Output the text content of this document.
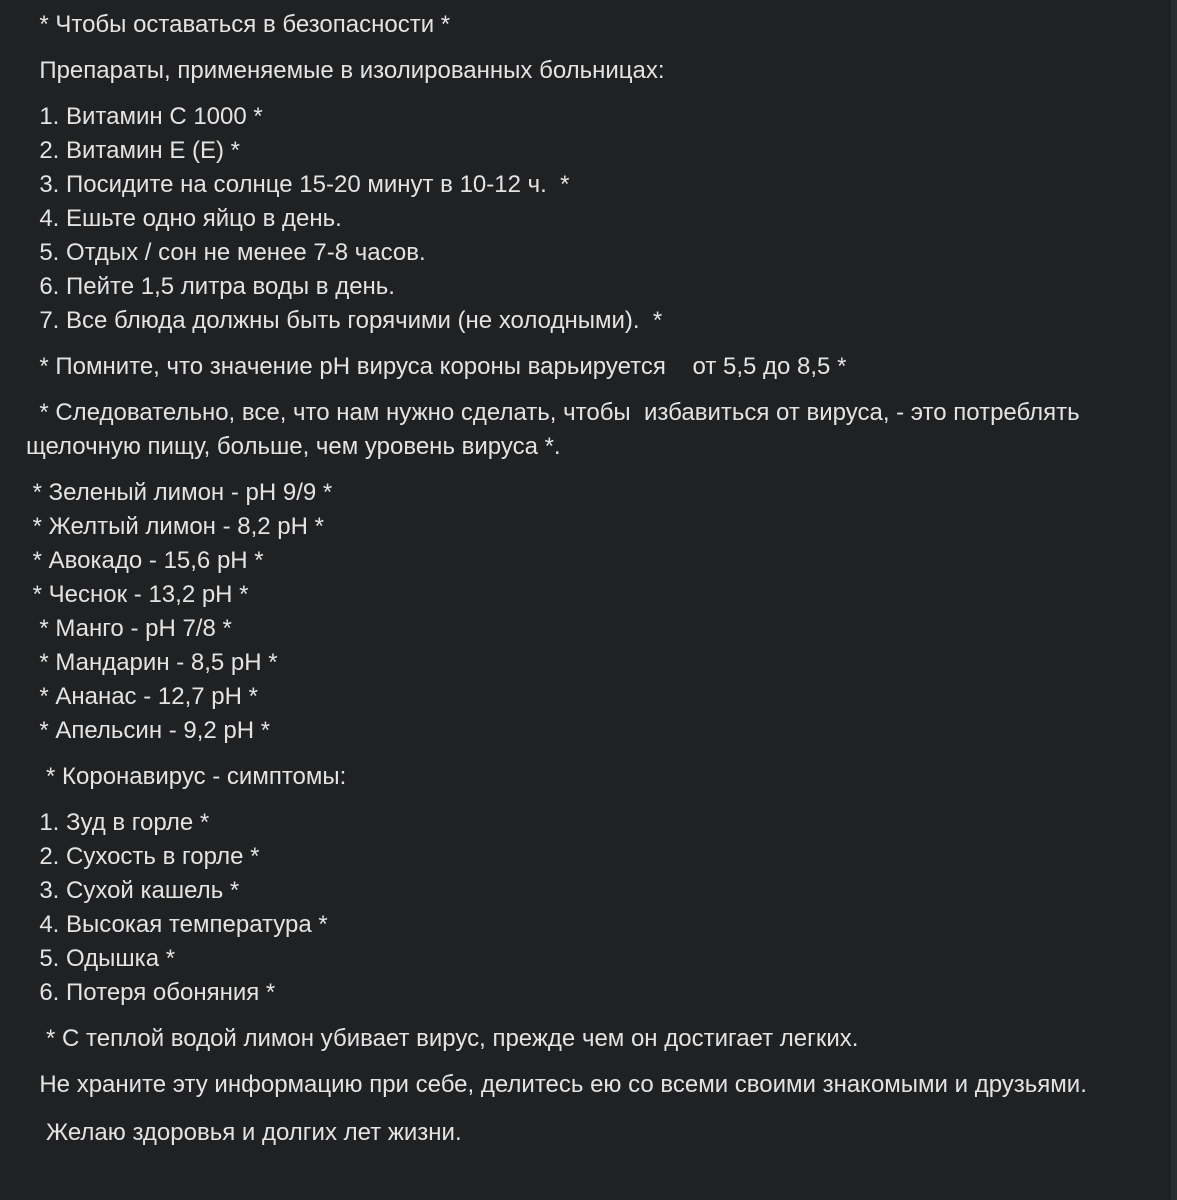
* Чтобы оставаться в безопасности *
Препараты, применяемые в изолированных больницах:
1. Витамин C 1000 *
2. Витамин E (E) *
3. Посидите на солнце 15-20 минут в 10-12 ч.  *
4. Ешьте одно яйцо в день.
5. Отдых / сон не менее 7-8 часов.
6. Пейте 1,5 литра воды в день.
7. Все блюда должны быть горячими (не холодными).  *
* Помните, что значение pH вируса короны варьируется    от 5,5 до 8,5 *
* Следовательно, все, что нам нужно сделать, чтобы  избавиться от вируса, - это потреблять щелочную пищу, больше, чем уровень вируса *.
* Зеленый лимон - pH 9/9 *
* Желтый лимон - 8,2 pH *
* Авокадо - 15,6 pH *
* Чеснок - 13,2 pH *
* Манго - pH 7/8 *
* Мандарин - 8,5 pH *
* Ананас - 12,7 pH *
* Апельсин - 9,2 pH *
* Коронавирус - симптомы:
1. Зуд в горле *
2. Сухость в горле *
3. Сухой кашель *
4. Высокая температура *
5. Одышка *
6. Потеря обоняния *
* С теплой водой лимон убивает вирус, прежде чем он достигает легких.
Не храните эту информацию при себе, делитесь ею со всеми своими знакомыми и друзьями.
Желаю здоровья и долгих лет жизни.
